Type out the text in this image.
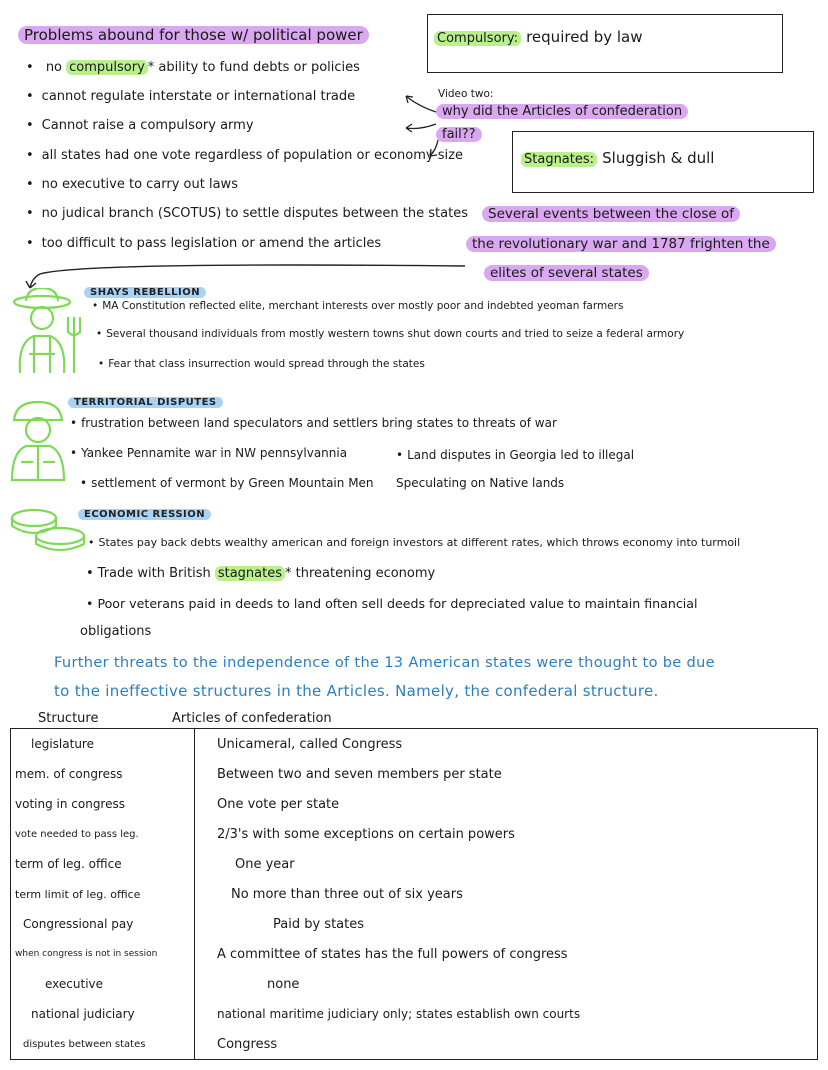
Problems abound for those w/ political power
• no compulsory * ability to fund debts or policies
• cannot regulate interstate or international trade
• Cannot raise a compulsory army
• all states had one vote regardless of population or economy size
• no executive to carry out laws
• no judical branch (SCOTUS) to settle disputes between the states
• too difficult to pass legislation or amend the articles
Compulsory: required by law
Video two:
why did the Articles of confederation
fail??
Stagnates: Sluggish & dull
Several events between the close of
the revolutionary war and 1787 frighten the
elites of several states
SHAYS REBELLION
• MA Constitution reflected elite, merchant interests over mostly poor and indebted yeoman farmers
• Several thousand individuals from mostly western towns shut down courts and tried to seize a federal armory
• Fear that class insurrection would spread through the states
TERRITORIAL DISPUTES
• frustration between land speculators and settlers bring states to threats of war
• Yankee Pennamite war in NW pennsylvannia
• settlement of vermont by Green Mountain Men
• Land disputes in Georgia led to illegal
Speculating on Native lands
ECONOMIC RESSION
• States pay back debts wealthy american and foreign investors at different rates, which throws economy into turmoil
• Trade with British stagnates * threatening economy
• Poor veterans paid in deeds to land often sell deeds for depreciated value to maintain financial
obligations
Further threats to the independence of the 13 American states were thought to be due
to the ineffective structures in the Articles. Namely, the confederal structure.
Structure	Articles of confederation
legislature	Unicameral, called Congress
mem. of congress	Between two and seven members per state
voting in congress	One vote per state
vote needed to pass leg.	2/3's with some exceptions on certain powers
term of leg. office	One year
term limit of leg. office	No more than three out of six years
Congressional pay	Paid by states
when congress is not in session	A committee of states has the full powers of congress
executive	none
national judiciary	national maritime judiciary only; states establish own courts
disputes between states	Congress
